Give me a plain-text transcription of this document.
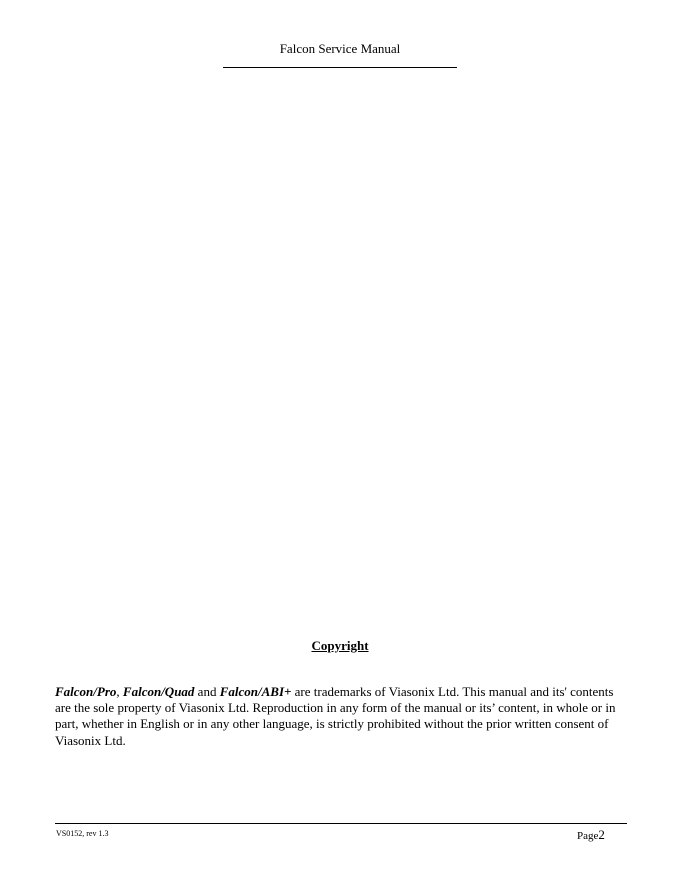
Falcon Service Manual
Copyright

Falcon/Pro, Falcon/Quad and Falcon/ABI+ are trademarks of Viasonix Ltd. This manual and its' contents are the sole property of Viasonix Ltd. Reproduction in any form of the manual or its’ content, in whole or in part, whether in English or in any other language, is strictly prohibited without the prior written consent of Viasonix Ltd.

VS0152, rev 1.3	Page2
